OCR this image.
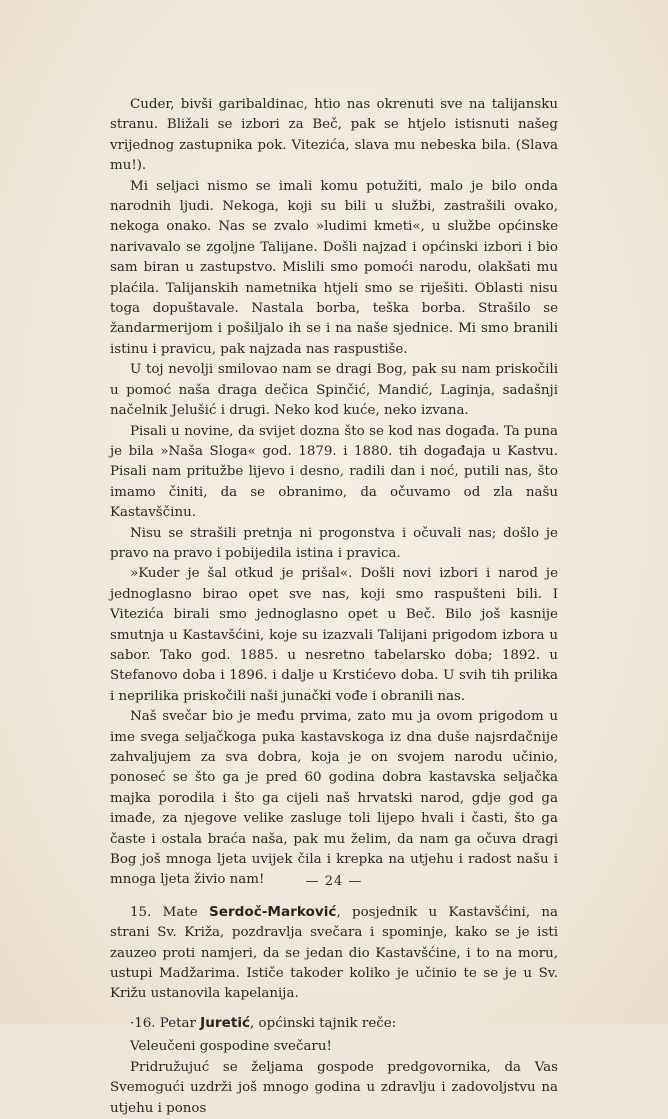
Cuder, bivši garibaldinac, htio nas okrenuti sve na talijansku stranu. Bližali se izbori za Beč, pak se htjelo istisnuti našeg vrijednog zastupnika pok. Vitezića, slava mu nebeska bila. (Slava mu!).

Mi seljaci nismo se imali komu potužiti, malo je bilo onda narodnih ljudi. Nekoga, koji su bili u službi, zastrašili ovako, nekoga onako. Nas se zvalo »ludimi kmeti«, u službe općinske narivavalo se zgoljne Talijane. Došli najzad i općinski izbori i bio sam biran u zastupstvo. Mislili smo pomoći narodu, olakšati mu plaćila. Talijanskih nametnika htjeli smo se riješiti. Oblasti nisu toga dopuštavale. Nastala borba, teška borba. Strašilo se žandarmerijom i pošiljalo ih se i na naše sjednice. Mi smo branili istinu i pravicu, pak najzada nas raspustiše.

U toj nevolji smilovao nam se dragi Bog, pak su nam priskočili u pomoć naša draga dečica Spinčić, Mandić, Laginja, sadašnji načelnik Jelušić i drugi. Neko kod kuće, neko izvana.

Pisali u novine, da svijet dozna što se kod nas događa. Ta puna je bila »Naša Sloga« god. 1879. i 1880. tih događaja u Kastvu. Pisali nam pritužbe lijevo i desno, radili dan i noć, putili nas, što imamo činiti, da se obranimo, da očuvamo od zla našu Kastavščinu.

Nisu se strašili pretnja ni progonstva i očuvali nas; došlo je pravo na pravo i pobijedila istina i pravica.

»Kuder je šal otkud je prišal«. Došli novi izbori i narod je jednoglasno birao opet sve nas, koji smo raspušteni bili. I Vitezića birali smo jednoglasno opet u Beč. Bilo još kasnije smutnja u Kastavšćini, koje su izazvali Talijani prigodom izbora u sabor. Tako god. 1885. u nesretno tabelarsko doba; 1892. u Stefanovo doba i 1896. i dalje u Krstićevo doba. U svih tih prilika i neprilika priskočili naši junački vođe i obranili nas.

Naš svečar bio je među prvima, zato mu ja ovom prigodom u ime svega seljačkoga puka kastavskoga iz dna duše najsrdačnije zahvaljujem za sva dobra, koja je on svojem narodu učinio, ponoseć se što ga je pred 60 godina dobra kastavska seljačka majka porodila i što ga cijeli naš hrvatski narod, gdje god ga imađe, za njegove velike zasluge toli lijepo hvali i časti, što ga časte i ostala braća naša, pak mu želim, da nam ga očuva dragi Bog još mnoga ljeta uvijek čila i krepka na utjehu i radost našu i mnoga ljeta živio nam!

15. Mate Serdoč-Marković, posjednik u Kastavšćini, na strani Sv. Križa, pozdravlja svečara i spominje, kako se je isti zauzeo proti namjeri, da se jedan dio Kastavšćine, i to na moru, ustupi Madžarima. Ističe takoder koliko je učinio te se je u Sv. Križu ustanovila kapelanija.

·16. Petar Juretić, općinski tajnik reče:

Veleučeni gospodine svečaru!

Pridružujuć se željama gospode predgovornika, da Vas Svemogući uzdrži još mnogo godina u zdravlju i zadovoljstvu na utjehu i ponos

— 24 —
